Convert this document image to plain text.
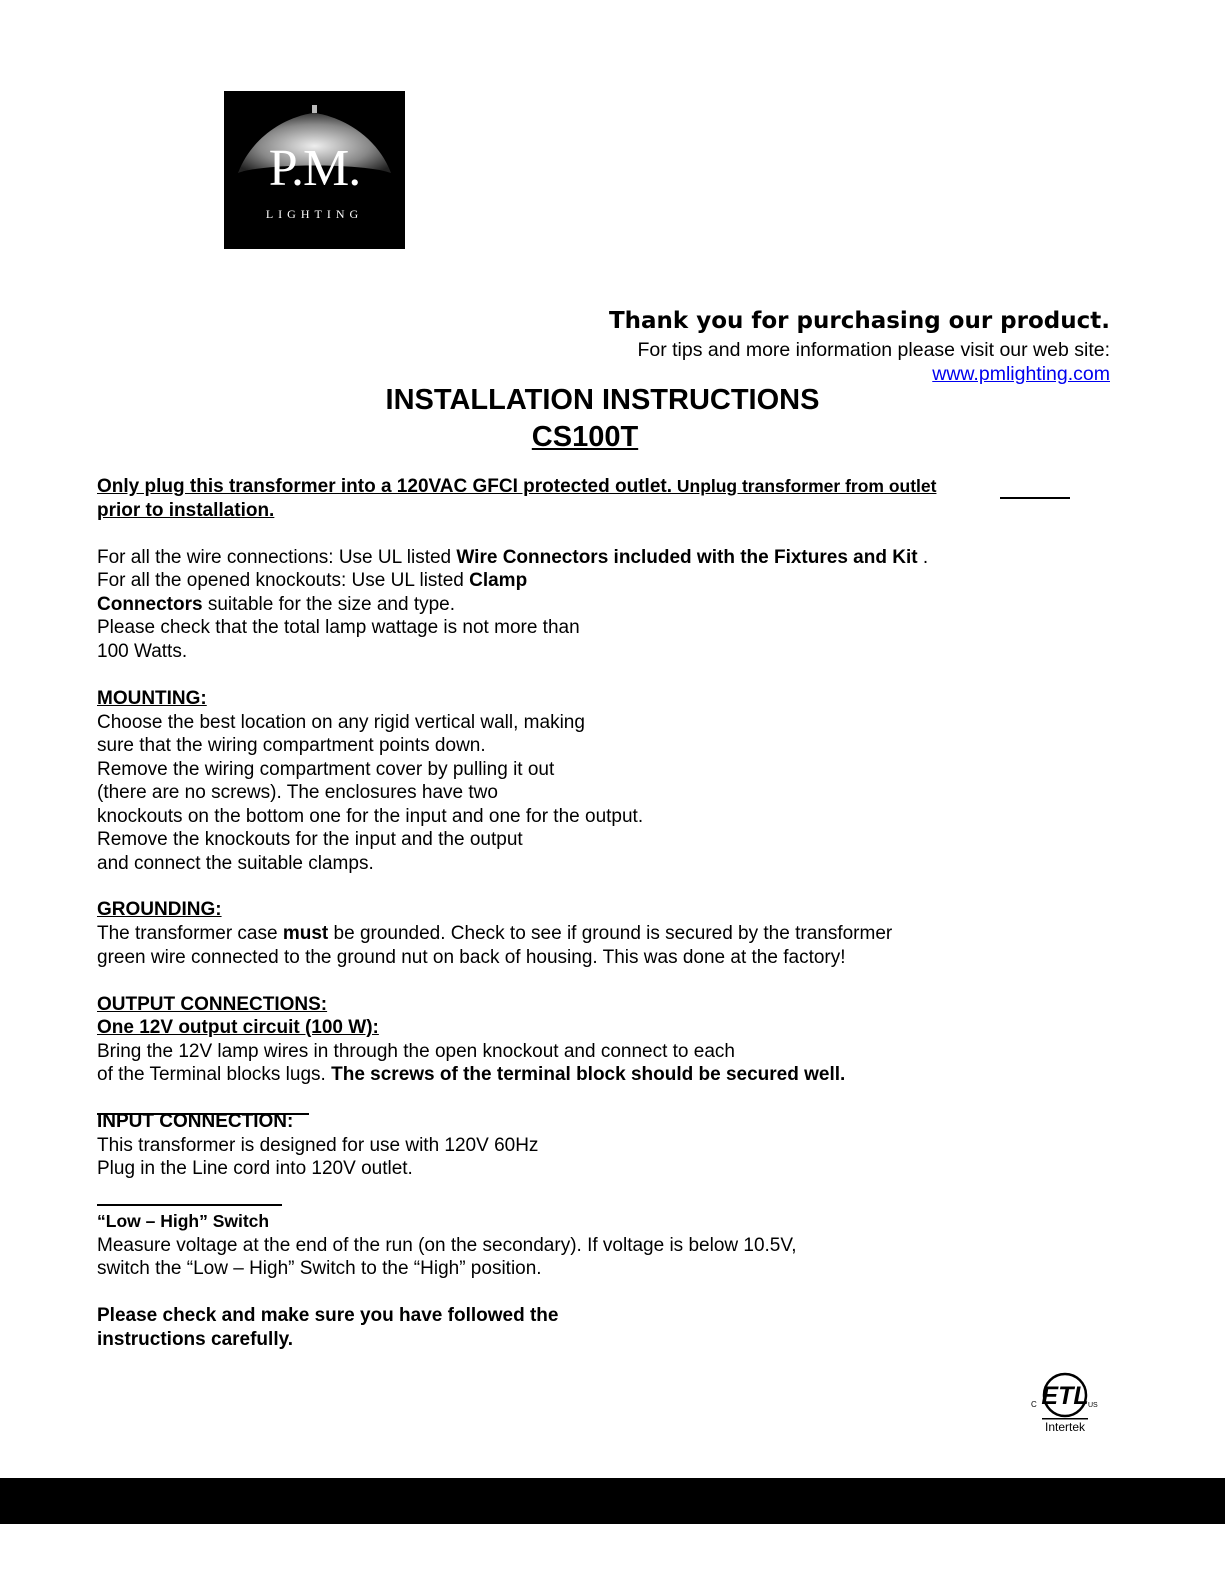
P.M.
LIGHTING
Thank you for purchasing our product.
For tips and more information please visit our web site:
www.pmlighting.com
INSTALLATION INSTRUCTIONS
CS100T
Only plug this transformer into a 120VAC GFCI protected outlet. Unplug transformer from outlet
prior to installation.
For all the wire connections: Use UL listed Wire Connectors included with the Fixtures and Kit .
For all the opened knockouts: Use UL listed Clamp
Connectors suitable for the size and type.
Please check that the total lamp wattage is not more than
100 Watts.
MOUNTING:
Choose the best location on any rigid vertical wall, making
sure that the wiring compartment points down.
Remove the wiring compartment cover by pulling it out
(there are no screws). The enclosures have two
knockouts on the bottom one for the input and one for the output.
Remove the knockouts for the input and the output
and connect the suitable clamps.
GROUNDING:
The transformer case must be grounded. Check to see if ground is secured by the transformer
green wire connected to the ground nut on back of housing. This was done at the factory!
OUTPUT CONNECTIONS:
One 12V output circuit (100 W):
Bring the 12V lamp wires in through the open knockout and connect to each
of the Terminal blocks lugs. The screws of the terminal block should be secured well.
INPUT CONNECTION:
This transformer is designed for use with 120V 60Hz
Plug in the Line cord into 120V outlet.
“Low – High” Switch
Measure voltage at the end of the run (on the secondary). If voltage is below 10.5V,
switch the “Low – High” Switch to the “High” position.
Please check and make sure you have followed the
instructions carefully.
ETL
C	US
Intertek
